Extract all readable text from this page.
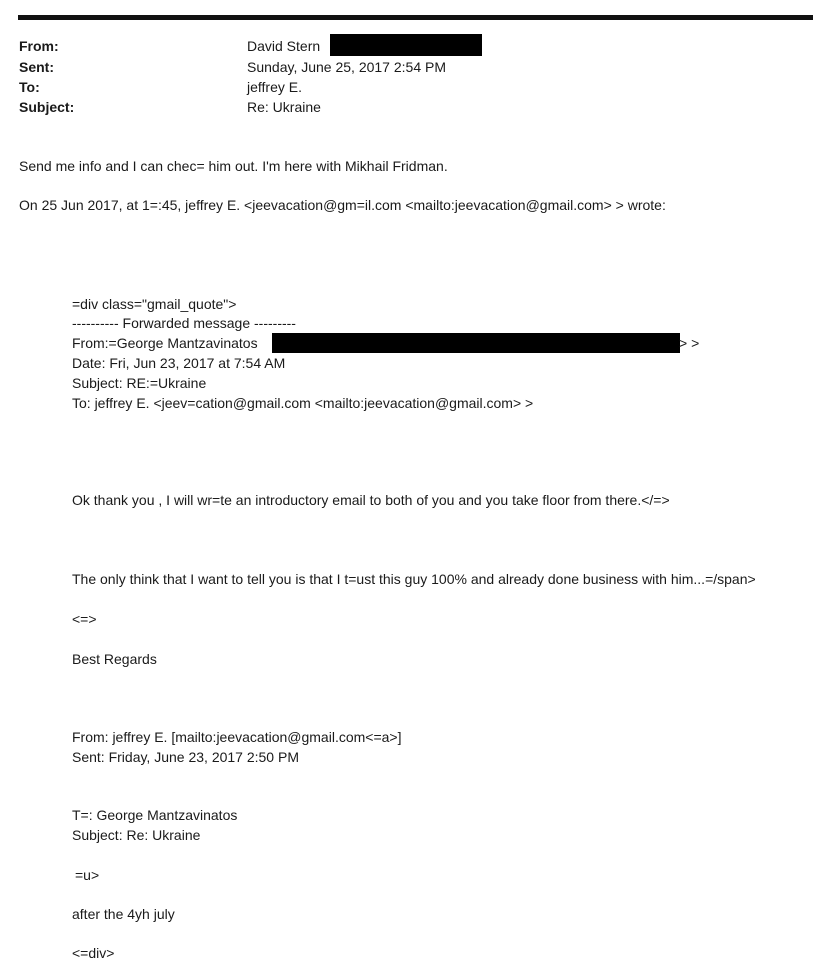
From:	David Stern
Sent:	Sunday, June 25, 2017 2:54 PM
To:	jeffrey E.
Subject:	Re: Ukraine
Send me info and I can chec= him out. I'm here with Mikhail Fridman.
On 25 Jun 2017, at 1=:45, jeffrey E. <jeevacation@gm=il.com <mailto:jeevacation@gmail.com> > wrote:
=div class="gmail_quote">
---------- Forwarded message ---------
From:=George Mantzavinatos	> >
Date: Fri, Jun 23, 2017 at 7:54 AM
Subject: RE:=Ukraine
To: jeffrey E. <jeev=cation@gmail.com <mailto:jeevacation@gmail.com> >
Ok thank you , I will wr=te an introductory email to both of you and you take floor from there.</=>
The only think that I want to tell you is that I t=ust this guy 100% and already done business with him...=/span>
<=>
Best Regards
From: jeffrey E. [mailto:jeevacation@gmail.com<=a>]
Sent: Friday, June 23, 2017 2:50 PM
T=: George Mantzavinatos
Subject: Re: Ukraine
=u>
after the 4yh july
<=div>
